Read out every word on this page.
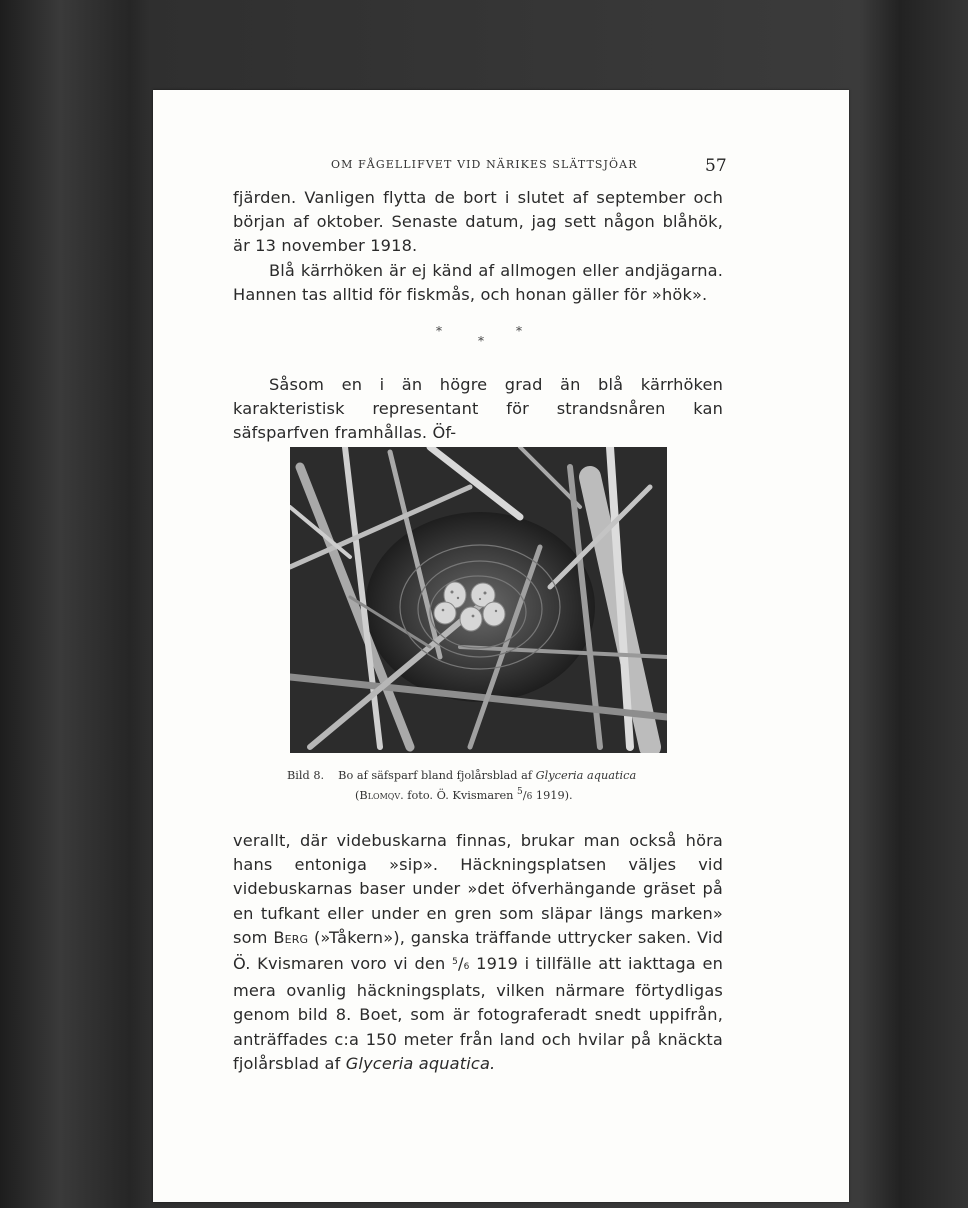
OM FÅGELLIFVET VID NÄRIKES SLÄTTSJÖAR	57

fjärden. Vanligen flytta de bort i slutet af september och början af oktober. Senaste datum, jag sett någon blåhök, är 13 november 1918.

Blå kärrhöken är ej känd af allmogen eller andjägarna. Hannen tas alltid för fiskmås, och honan gäller för »hök».

*
*
*

Såsom en i än högre grad än blå kärrhöken karakteristisk representant för strandsnåren kan säfsparfven framhållas. Öf-

Bild 8. Bo af säfsparf bland fjolårsblad af Glyceria aquatica
(Blomqv. foto. Ö. Kvismaren $^5$/6 1919).

verallt, där videbuskarna finnas, brukar man också höra hans entoniga »sip». Häckningsplatsen väljes vid videbuskarnas baser under »det öfverhängande gräset på en tufkant eller under en gren som släpar längs marken» som Berg (»Tåkern»), ganska träffande uttrycker saken. Vid Ö. Kvismaren voro vi den $^5$/6 1919 i tillfälle att iakttaga en mera ovanlig häckningsplats, vilken närmare förtydligas genom bild 8. Boet, som är fotograferadt snedt uppifrån, anträffades c:a 150 meter från land och hvilar på knäckta fjolårsblad af Glyceria aquatica.
